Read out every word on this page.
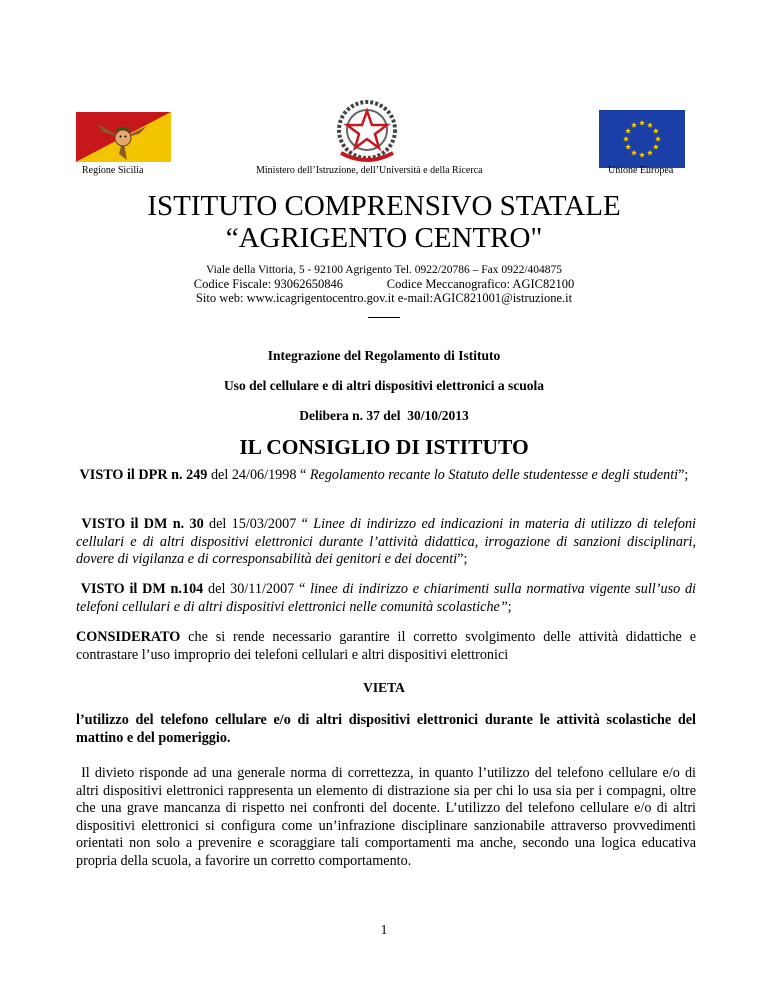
Regione Sicilia	Ministero dell’Istruzione, dell’Università e della Ricerca	Unione Europea
ISTITUTO COMPRENSIVO STATALE
“AGRIGENTO CENTRO"
Viale della Vittoria, 5 - 92100 Agrigento Tel. 0922/20786 – Fax 0922/404875
Codice Fiscale: 93062650846              Codice Meccanografico: AGIC82100
Sito web: www.icagrigentocentro.gov.it e-mail:AGIC821001@istruzione.it
Integrazione del Regolamento di Istituto
Uso del cellulare e di altri dispositivi elettronici a scuola
Delibera n. 37 del  30/10/2013
IL CONSIGLIO DI ISTITUTO
VISTO il DPR n. 249 del 24/06/1998 “ Regolamento recante lo Statuto delle studentesse e degli studenti”;
VISTO il DM n. 30 del 15/03/2007 “ Linee di indirizzo ed indicazioni in materia di utilizzo di telefoni cellulari e di altri dispositivi elettronici durante l’attività didattica, irrogazione di sanzioni disciplinari, dovere di vigilanza e di corresponsabilità dei genitori e dei docenti”;
VISTO il DM n.104 del 30/11/2007 “ linee di indirizzo e chiarimenti sulla normativa vigente sull’uso di telefoni cellulari e di altri dispositivi elettronici nelle comunità scolastiche”;
CONSIDERATO che si rende necessario garantire il corretto svolgimento delle attività didattiche e contrastare l’uso improprio dei telefoni cellulari e altri dispositivi elettronici
VIETA
l’utilizzo del telefono cellulare e/o di altri dispositivi elettronici durante le attività scolastiche del mattino e del pomeriggio.
Il divieto risponde ad una generale norma di correttezza, in quanto l’utilizzo del telefono cellulare e/o di altri dispositivi elettronici rappresenta un elemento di distrazione sia per chi lo usa sia per i compagni, oltre che una grave mancanza di rispetto nei confronti del docente. L’utilizzo del telefono cellulare e/o di altri dispositivi elettronici si configura come un’infrazione disciplinare sanzionabile attraverso provvedimenti orientati non solo a prevenire e scoraggiare tali comportamenti ma anche, secondo una logica educativa propria della scuola, a favorire un corretto comportamento.
1
